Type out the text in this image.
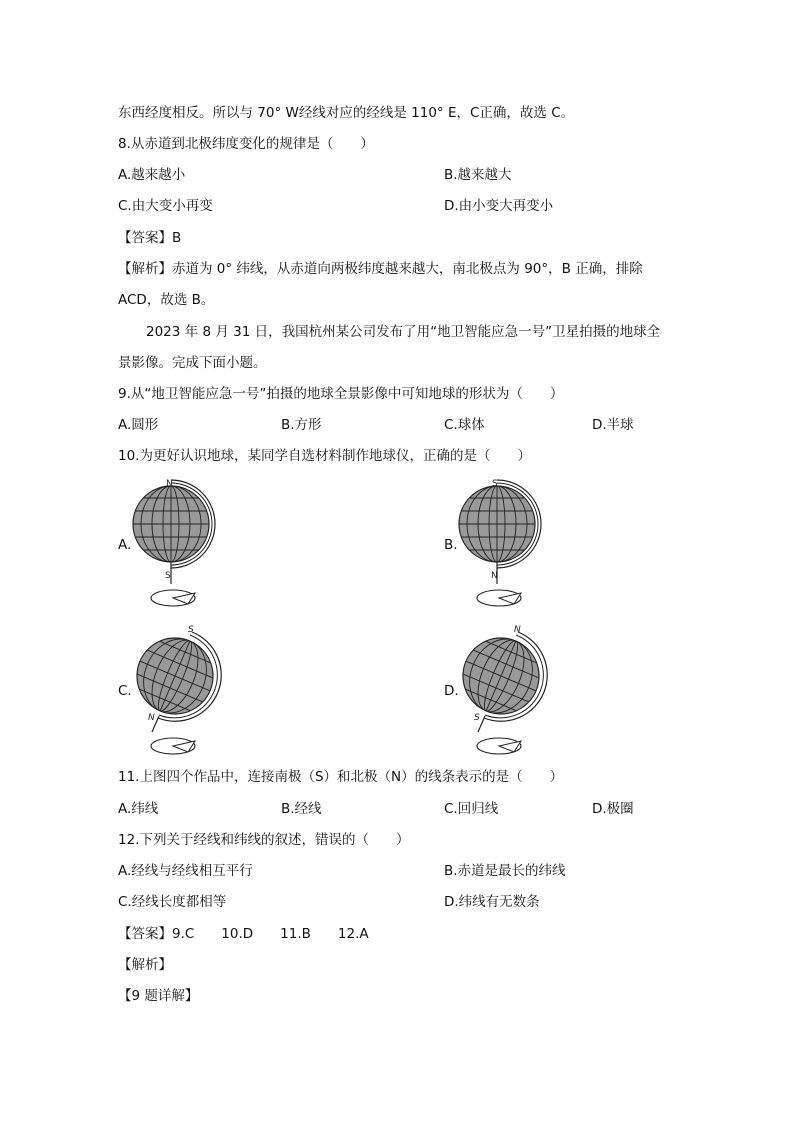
东西经度相反。所以与 70° W经线对应的经线是 110° E，C正确，故选 C。
8.从赤道到北极纬度变化的规律是（　　）
A.越来越小	B.越来越大
C.由大变小再变	D.由小变大再变小
【答案】B
【解析】赤道为 0° 纬线，从赤道向两极纬度越来越大，南北极点为 90°，B 正确，排除
ACD，故选 B。
2023 年 8 月 31 日，我国杭州某公司发布了用“地卫智能应急一号”卫星拍摄的地球全
景影像。完成下面小题。
9.从“地卫智能应急一号”拍摄的地球全景影像中可知地球的形状为（　　）
A.圆形	B.方形	C.球体	D.半球
10.为更好认识地球，某同学自选材料制作地球仪，正确的是（　　）
A.
N
S
B.
S
N
C.
S
N
D.
N
S
11.上图四个作品中，连接南极（S）和北极（N）的线条表示的是（　　）
A.纬线	B.经线	C.回归线	D.极圈
12.下列关于经线和纬线的叙述，错误的（　　）
A.经线与经线相互平行	B.赤道是最长的纬线
C.经线长度都相等	D.纬线有无数条
【答案】9.C　　10.D　　11.B　　12.A
【解析】
【9 题详解】
